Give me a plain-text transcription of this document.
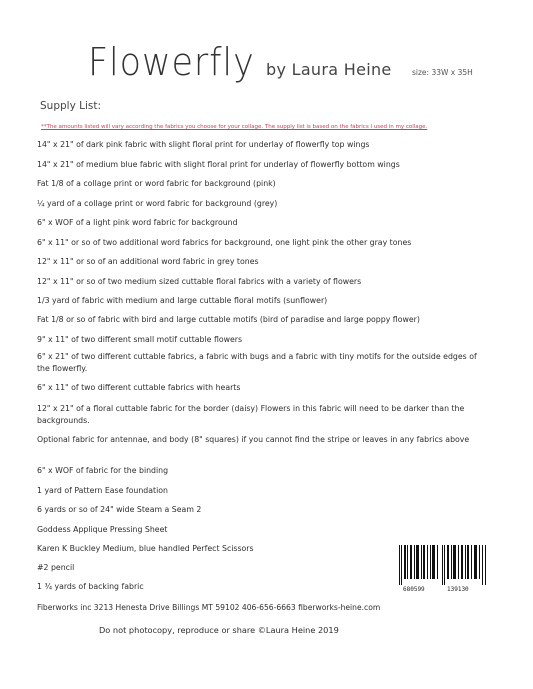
Flowerfly by Laura Heine	size: 33W x 35H
Supply List:
**The amounts listed will vary according the fabrics you choose for your collage. The supply list is based on the fabrics I used in my collage.
14" x 21" of dark pink fabric with slight floral print for underlay of flowerfly top wings
14" x 21" of medium blue fabric with slight floral print for underlay of flowerfly bottom wings
Fat 1/8 of a collage print or word fabric for background (pink)
¼ yard of a collage print or word fabric for background (grey)
6" x WOF of a light pink word fabric for background
6" x 11" or so of two additional word fabrics for background, one light pink the other gray tones
12" x 11" or so of an additional word fabric in grey tones
12" x 11" or so of two medium sized cuttable floral fabrics with a variety of flowers
1/3 yard of fabric with medium and large cuttable floral motifs (sunflower)
Fat 1/8 or so of fabric with bird and large cuttable motifs (bird of paradise and large poppy flower)
9" x 11" of two different small motif cuttable flowers
6" x 21" of two different cuttable fabrics, a fabric with bugs and a fabric with tiny motifs for the outside edges of the flowerfly.
6" x 11" of two different cuttable fabrics with hearts
12" x 21" of a floral cuttable fabric for the border (daisy) Flowers in this fabric will need to be darker than the backgrounds.
Optional fabric for antennae, and body (8" squares) if you cannot find the stripe or leaves in any fabrics above
6" x WOF of fabric for the binding
1 yard of Pattern Ease foundation
6 yards or so of 24" wide Steam a Seam 2
Goddess Applique Pressing Sheet
Karen K Buckley Medium, blue handled Perfect Scissors
#2 pencil
1 ¾ yards of backing fabric	680599	139130
Fiberworks inc 3213 Henesta Drive Billings MT 59102 406-656-6663 fiberworks-heine.com
Do not photocopy, reproduce or share ©Laura Heine 2019
